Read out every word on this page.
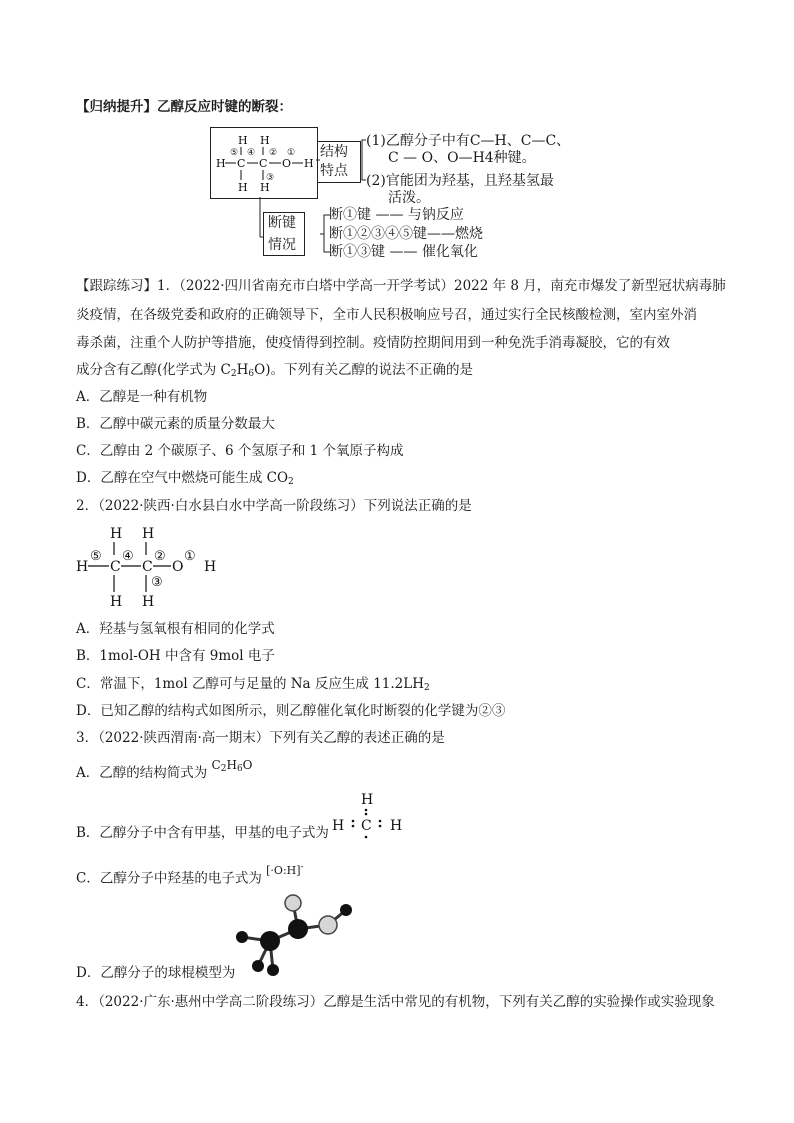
【归纳提升】乙醇反应时键的断裂：
H H
⑤ ④ ② ①
H C C O H
③
H H
结构
特点
(1)乙醇分子中有C—H、C—C、
C — O、O—H4种键。
(2)官能团为羟基，且羟基氢最
活泼。
断键
情况
断①键 —— 与钠反应
断①②③④⑤键——燃烧
断①③键 —— 催化氧化
【跟踪练习】1．（2022·四川省南充市白塔中学高一开学考试）2022 年 8 月，南充市爆发了新型冠状病毒肺
炎疫情，在各级党委和政府的正确领导下，全市人民积极响应号召，通过实行全民核酸检测，室内室外消
毒杀菌，注重个人防护等措施，使疫情得到控制。疫情防控期间用到一种免洗手消毒凝胶，它的有效
成分含有乙醇(化学式为 $C_2H_6O$)。下列有关乙醇的说法不正确的是
A．乙醇是一种有机物
B．乙醇中碳元素的质量分数最大
C．乙醇由 2 个碳原子、6 个氢原子和 1 个氧原子构成
D．乙醇在空气中燃烧可能生成 $CO_2$
2．（2022·陕西·白水县白水中学高一阶段练习）下列说法正确的是
H H
⑤ ④ ② ①
H C C O H
③
H H
A．羟基与氢氧根有相同的化学式
B．1mol-OH 中含有 9mol 电子
C．常温下，1mol 乙醇可与足量的 Na 反应生成 $11.2LH_2$
D．已知乙醇的结构式如图所示，则乙醇催化氧化时断裂的化学键为②③
3．（2022·陕西渭南·高一期末）下列有关乙醇的表述正确的是
A．乙醇的结构简式为 $C_2H_6O$
B．乙醇分子中含有甲基，甲基的电子式为
H
H C H
C．乙醇分子中羟基的电子式为 $^{[\cdot O:H]^-}$
D．乙醇分子的球棍模型为
4．（2022·广东·惠州中学高二阶段练习）乙醇是生活中常见的有机物，下列有关乙醇的实验操作或实验现象
